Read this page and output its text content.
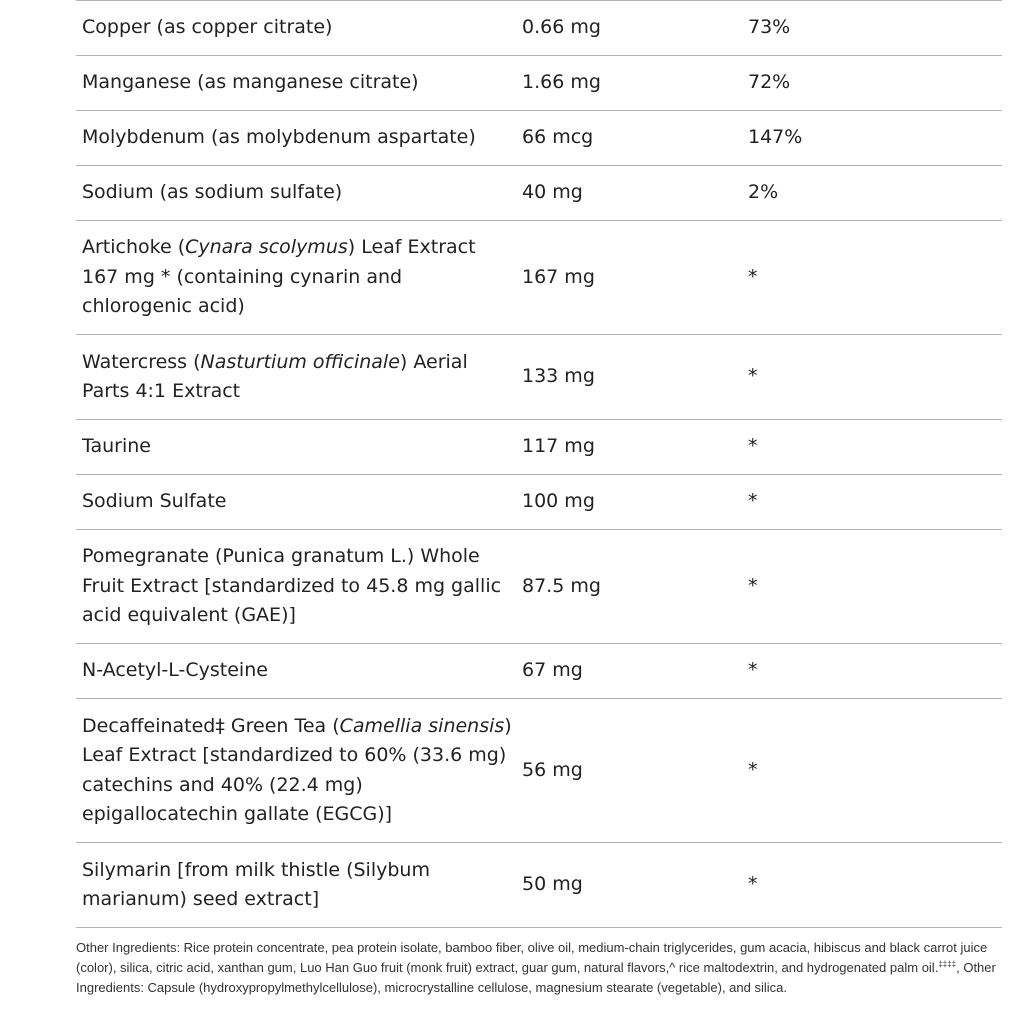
Copper (as copper citrate)	0.66 mg	73%
Manganese (as manganese citrate)	1.66 mg	72%
Molybdenum (as molybdenum aspartate)	66 mcg	147%
Sodium (as sodium sulfate)	40 mg	2%
Artichoke (Cynara scolymus) Leaf Extract 167 mg * (containing cynarin and chlorogenic acid)	167 mg	*
Watercress (Nasturtium officinale) Aerial Parts 4:1 Extract	133 mg	*
Taurine	117 mg	*
Sodium Sulfate	100 mg	*
Pomegranate (Punica granatum L.) Whole Fruit Extract [standardized to 45.8 mg gallic acid equivalent (GAE)]	87.5 mg	*
N-Acetyl-L-Cysteine	67 mg	*
Decaffeinated‡ Green Tea (Camellia sinensis) Leaf Extract [standardized to 60% (33.6 mg) catechins and 40% (22.4 mg) epigallocatechin gallate (EGCG)]	56 mg	*
Silymarin [from milk thistle (Silybum marianum) seed extract]	50 mg	*
Other Ingredients: Rice protein concentrate, pea protein isolate, bamboo fiber, olive oil, medium-chain triglycerides, gum acacia, hibiscus and black carrot juice (color), silica, citric acid, xanthan gum, Luo Han Guo fruit (monk fruit) extract, guar gum, natural flavors,^ rice maltodextrin, and hydrogenated palm oil.‡‡‡‡, Other Ingredients: Capsule (hydroxypropylmethylcellulose), microcrystalline cellulose, magnesium stearate (vegetable), and silica.
